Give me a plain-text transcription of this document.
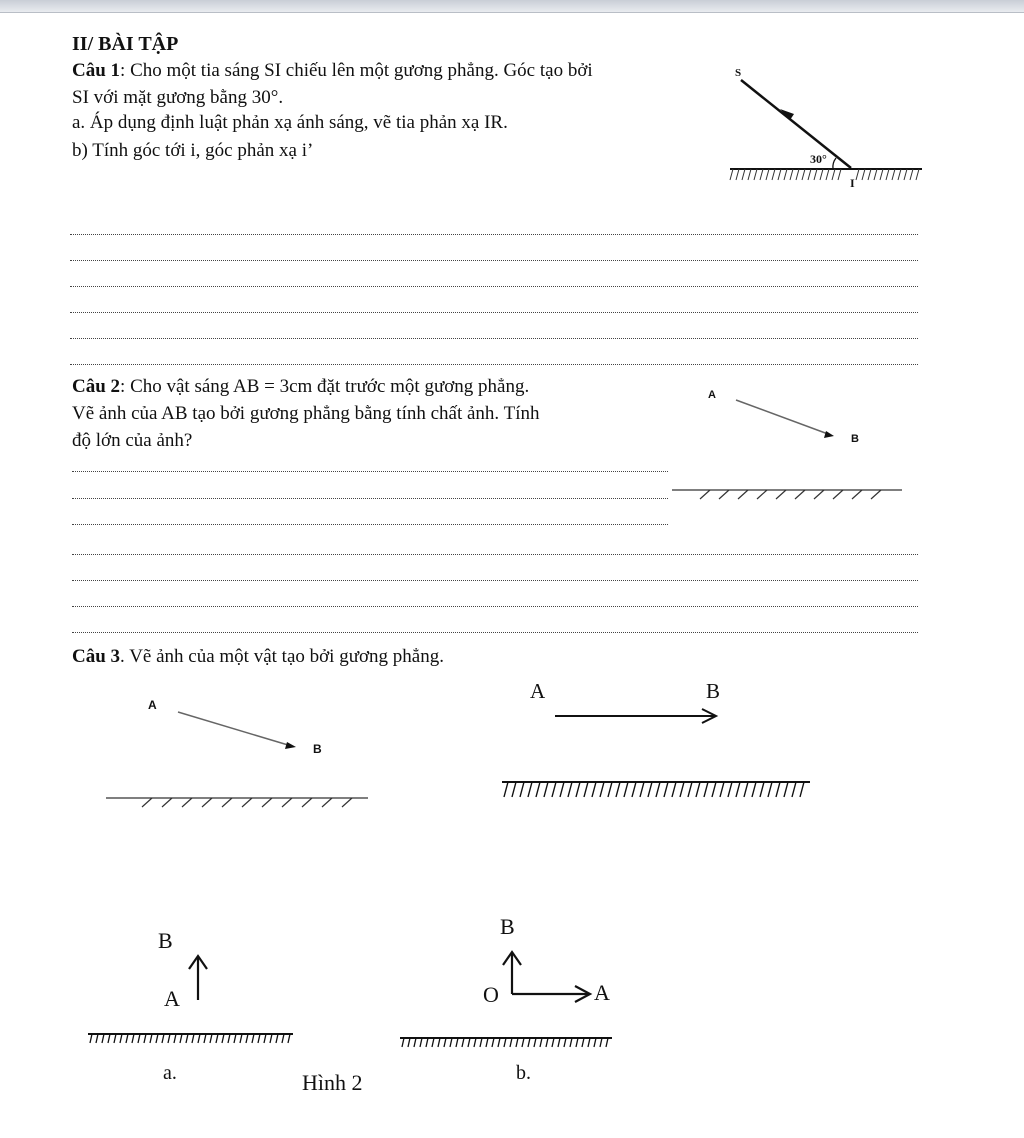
II/ BÀI TẬP
Câu 1: Cho một tia sáng SI chiếu lên một gương phẳng. Góc tạo bởi
SI với mặt gương bằng 30°.
a. Áp dụng định luật phản xạ ánh sáng, vẽ tia phản xạ IR.
b) Tính góc tới i, góc phản xạ i’
S
30°
I
Câu 2: Cho vật sáng AB = 3cm đặt trước một gương phẳng.
Vẽ ảnh của AB tạo bởi gương phẳng bằng tính chất ảnh. Tính
độ lớn của ảnh?
A
B
Câu 3. Vẽ ảnh của một vật tạo bởi gương phẳng.
A
B
A	B
B
A
B
O	A
a.	Hình 2	b.
